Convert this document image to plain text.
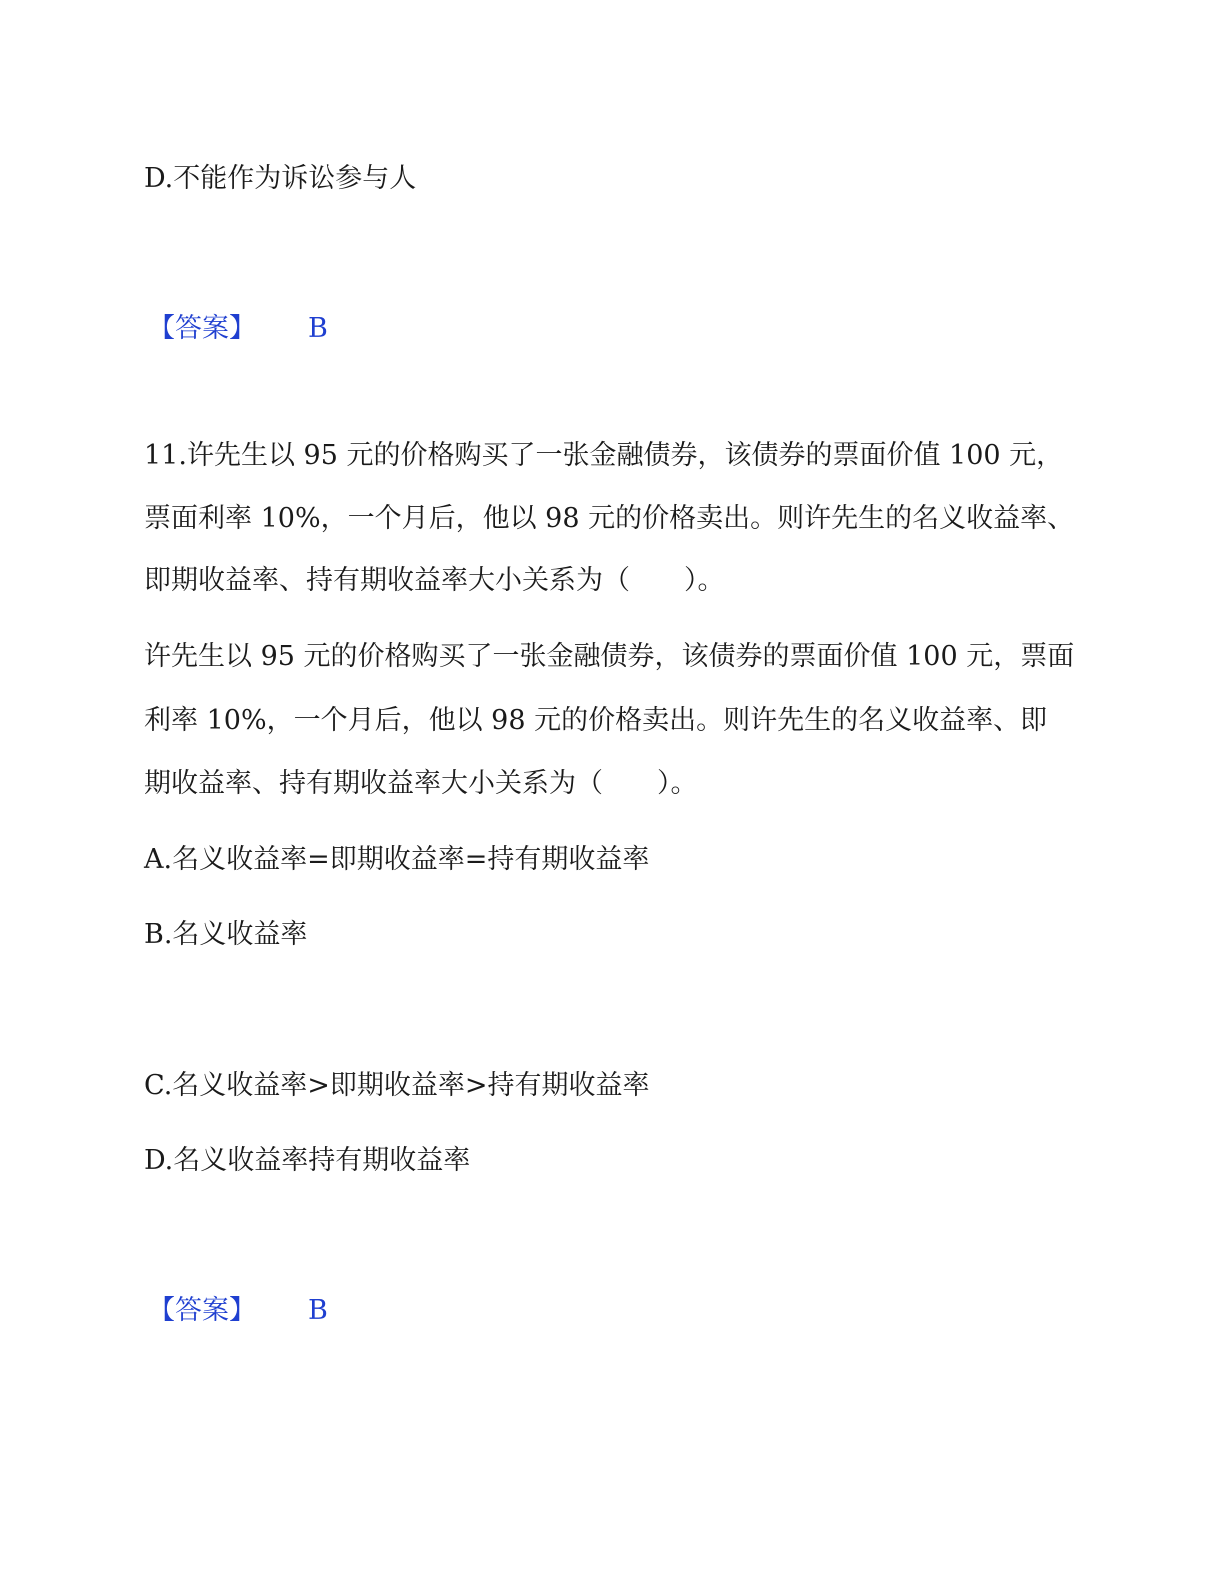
D.不能作为诉讼参与人
【答案】 B
11.许先生以 95 元的价格购买了一张金融债券，该债券的票面价值 100 元，
票面利率 10%，一个月后，他以 98 元的价格卖出。则许先生的名义收益率、
即期收益率、持有期收益率大小关系为（　　）。
许先生以 95 元的价格购买了一张金融债券，该债券的票面价值 100 元，票面
利率 10%，一个月后，他以 98 元的价格卖出。则许先生的名义收益率、即
期收益率、持有期收益率大小关系为（　　）。
A.名义收益率=即期收益率=持有期收益率
B.名义收益率
C.名义收益率>即期收益率>持有期收益率
D.名义收益率持有期收益率
【答案】 B
